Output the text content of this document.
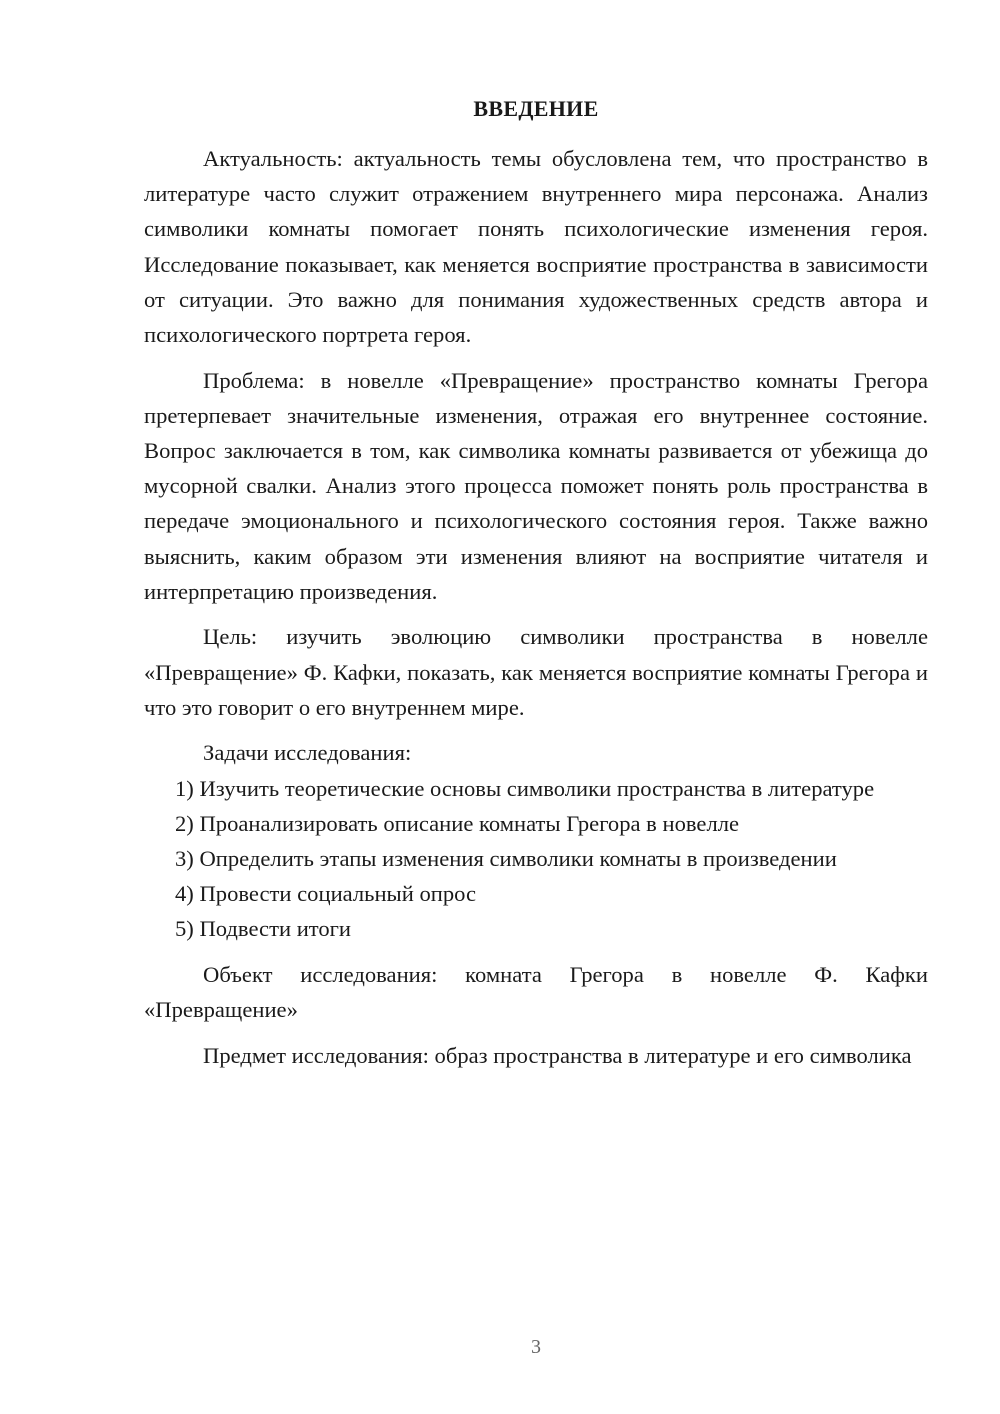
ВВЕДЕНИЕ

Актуальность: актуальность темы обусловлена тем, что пространство в литературе часто служит отражением внутреннего мира персонажа. Анализ символики комнаты помогает понять психологические изменения героя. Исследование показывает, как меняется восприятие пространства в зависимости от ситуации. Это важно для понимания художественных средств автора и психологического портрета героя.

Проблема: в новелле «Превращение» пространство комнаты Грегора претерпевает значительные изменения, отражая его внутреннее состояние. Вопрос заключается в том, как символика комнаты развивается от убежища до мусорной свалки. Анализ этого процесса поможет понять роль пространства в передаче эмоционального и психологического состояния героя. Также важно выяснить, каким образом эти изменения влияют на восприятие читателя и интерпретацию произведения.

Цель: изучить эволюцию символики пространства в новелле «Превращение» Ф. Кафки, показать, как меняется восприятие комнаты Грегора и что это говорит о его внутреннем мире.

Задачи исследования:

1) Изучить теоретические основы символики пространства в литературе

2) Проанализировать описание комнаты Грегора в новелле

3) Определить этапы изменения символики комнаты в произведении

4) Провести социальный опрос

5) Подвести итоги

Объект исследования: комната Грегора в новелле Ф. Кафки «Превращение»

Предмет исследования: образ пространства в литературе и его символика

3
